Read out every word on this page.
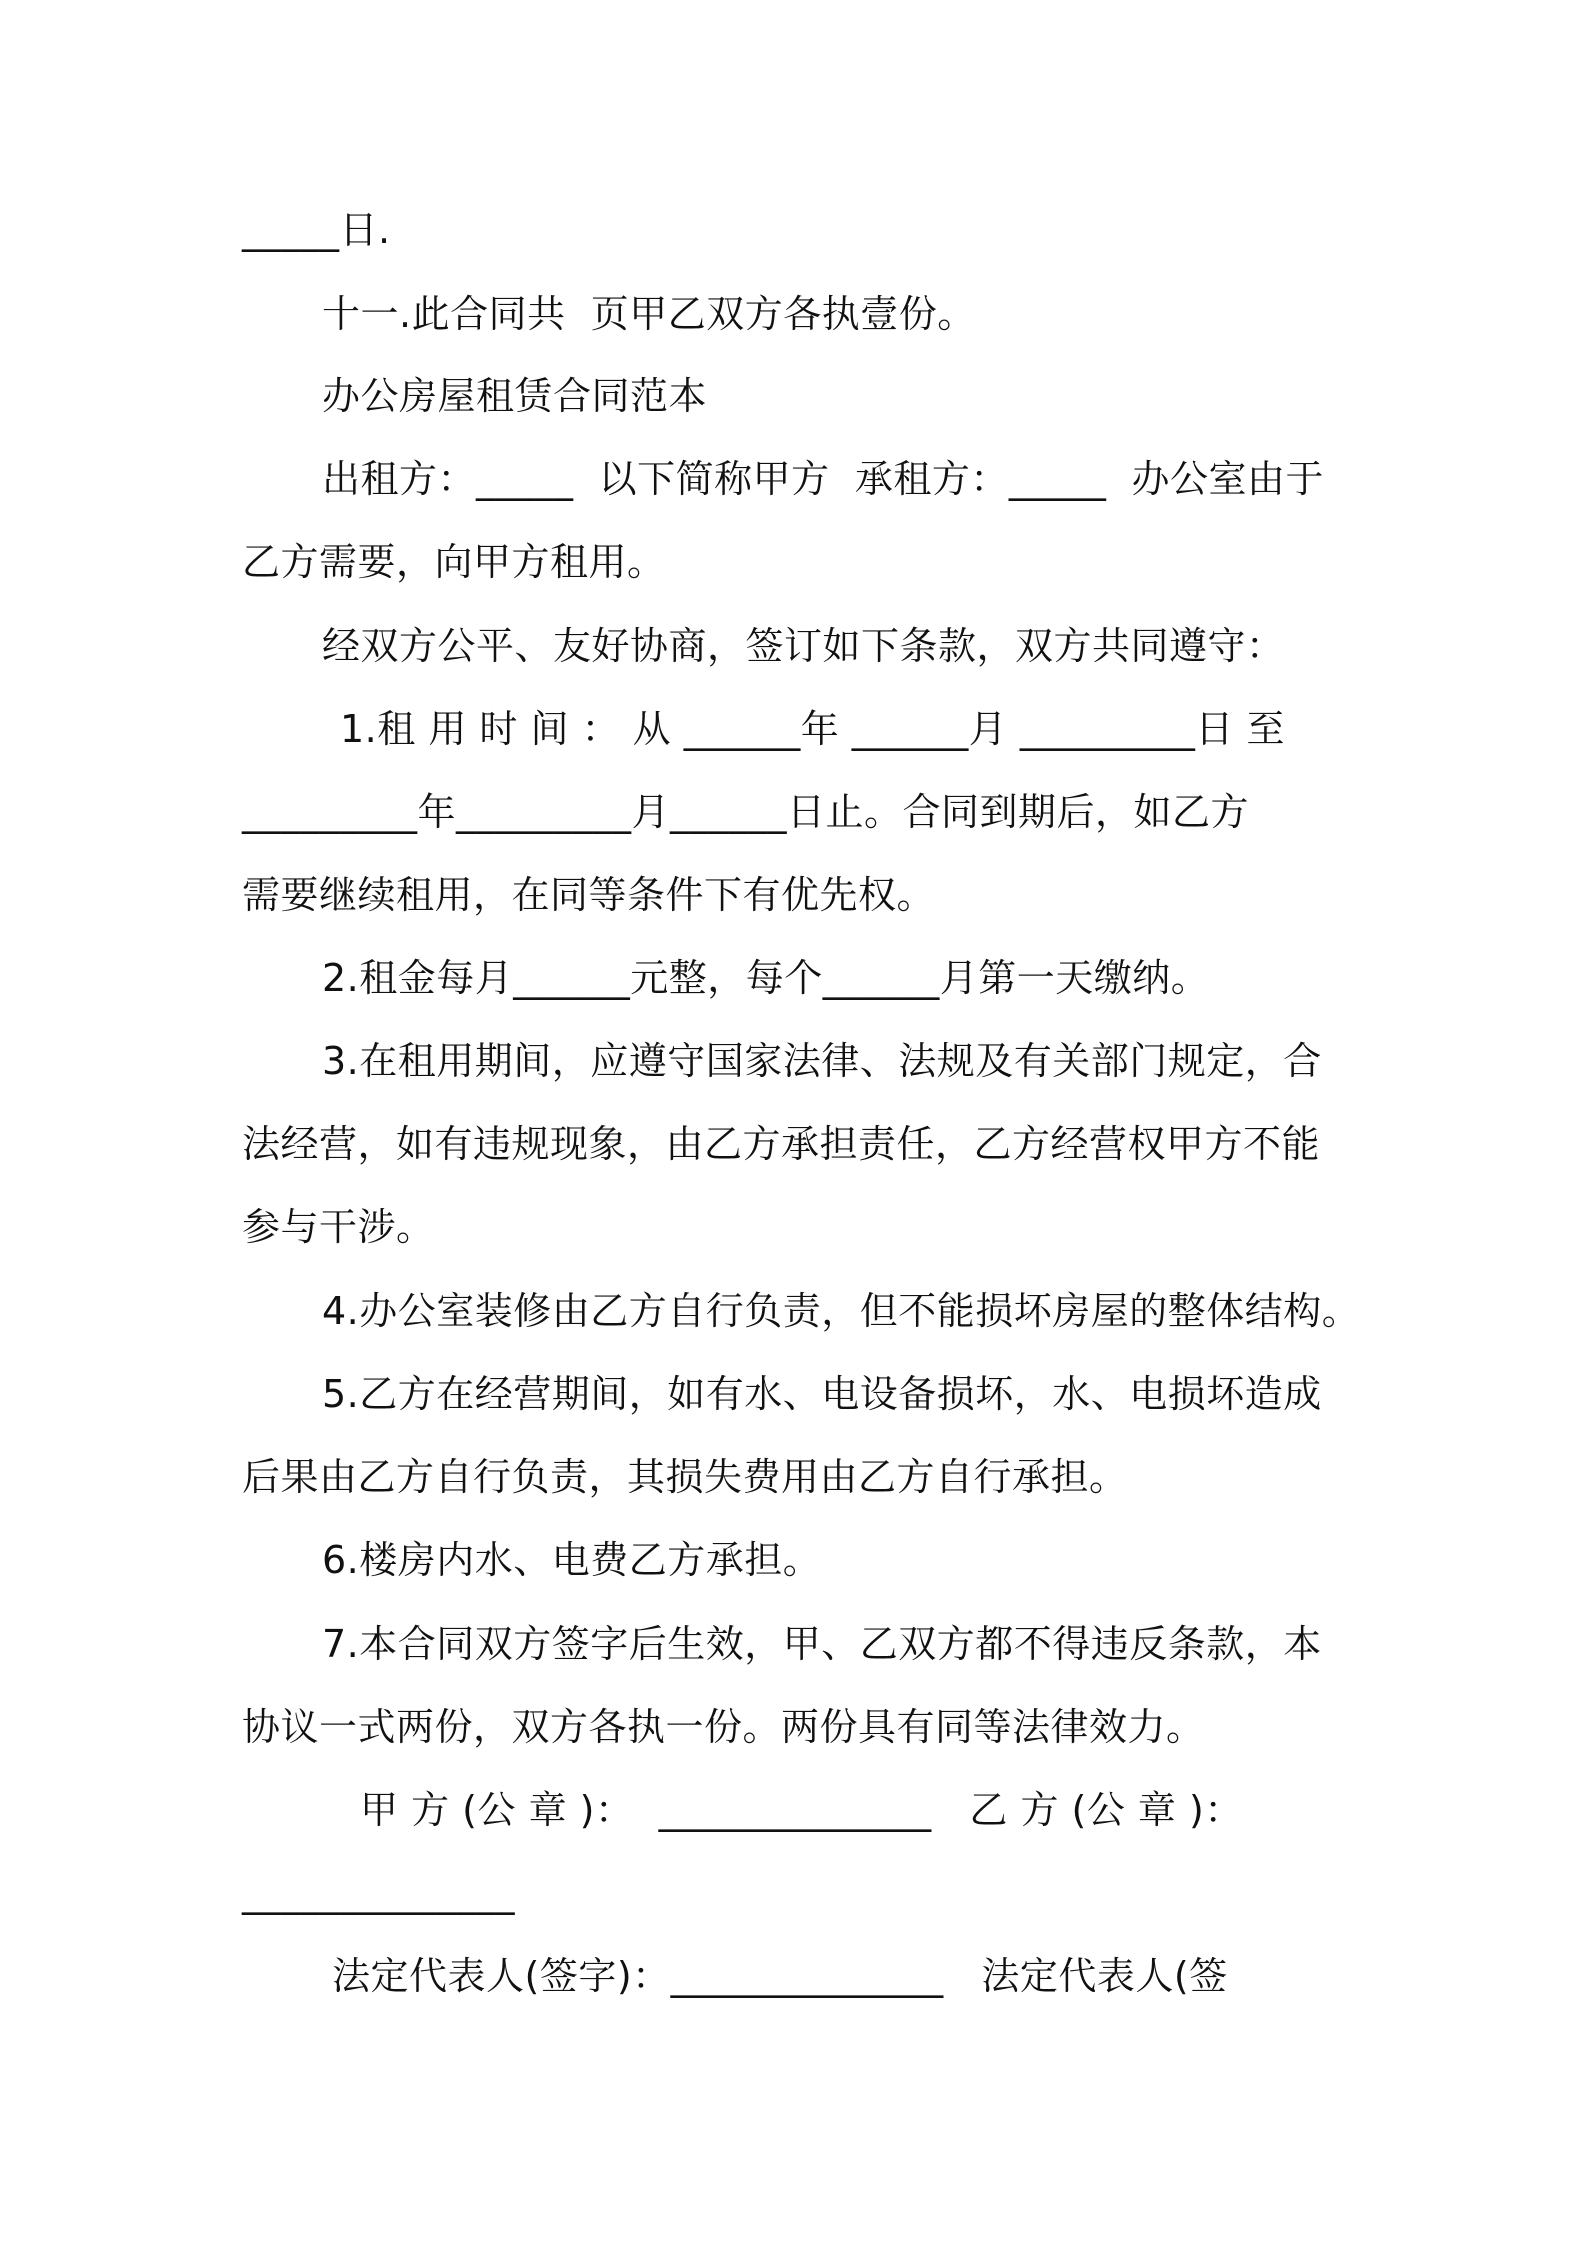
_____日.
十一.此合同共  页甲乙双方各执壹份。
办公房屋租赁合同范本
出租方：_____  以下简称甲方  承租方：_____  办公室由于
乙方需要，向甲方租用。
经双方公平、友好协商，签订如下条款，双方共同遵守：
1.租 用 时 间 ： 从 ______年 ______月 _________日 至
_________年_________月______日止。合同到期后，如乙方
需要继续租用，在同等条件下有优先权。
2.租金每月______元整，每个______月第一天缴纳。
3.在租用期间，应遵守国家法律、法规及有关部门规定，合
法经营，如有违规现象，由乙方承担责任，乙方经营权甲方不能
参与干涉。
4.办公室装修由乙方自行负责，但不能损坏房屋的整体结构。
5.乙方在经营期间，如有水、电设备损坏，水、电损坏造成
后果由乙方自行负责，其损失费用由乙方自行承担。
6.楼房内水、电费乙方承担。
7.本合同双方签字后生效，甲、乙双方都不得违反条款，本
协议一式两份，双方各执一份。两份具有同等法律效力。
甲 方 (公 章 )：  ______________   乙 方 (公 章 )：
______________
法定代表人(签字)：______________   法定代表人(签
